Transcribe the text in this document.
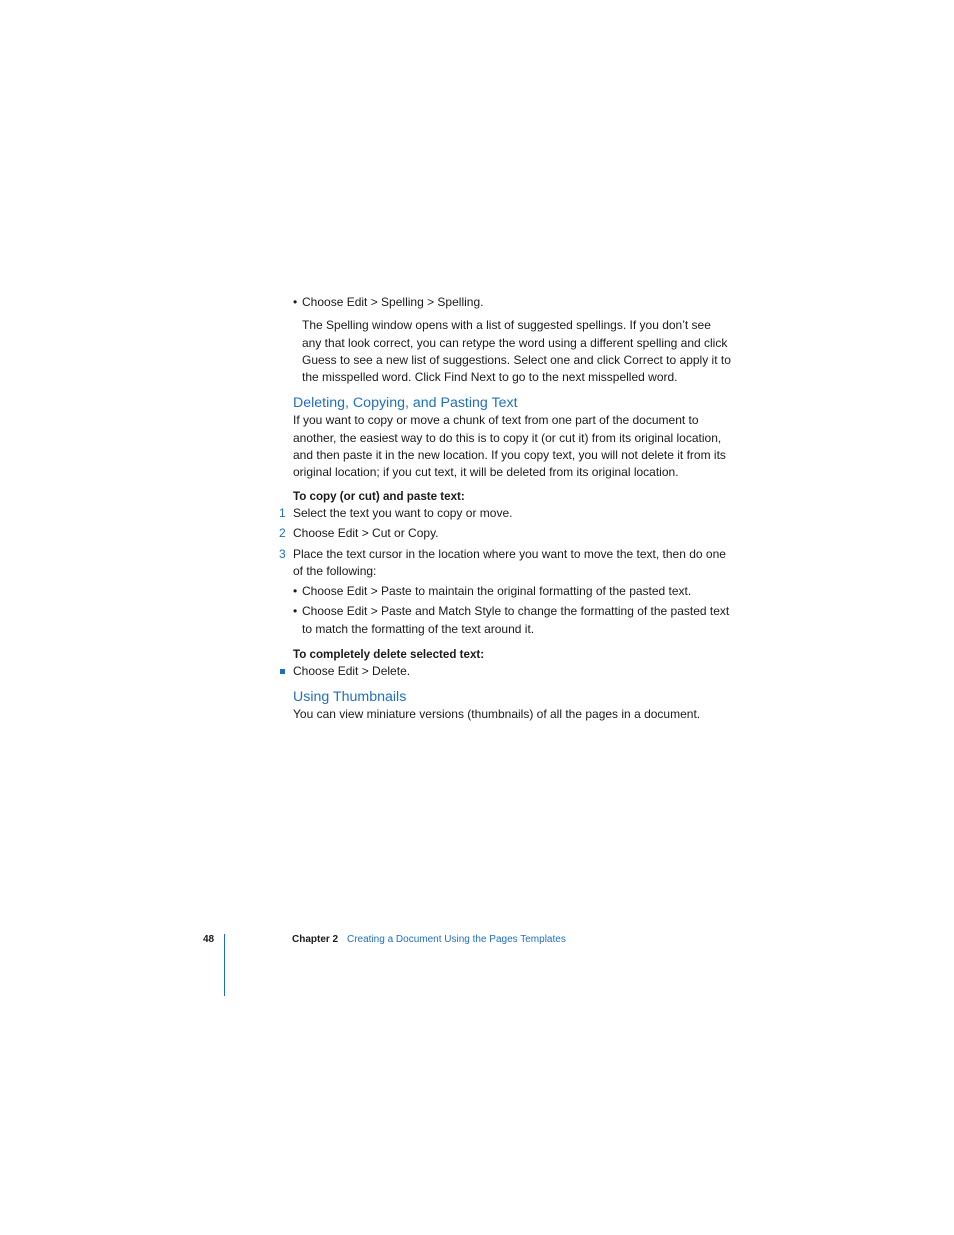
• Choose Edit > Spelling > Spelling.

The Spelling window opens with a list of suggested spellings. If you don’t see any that look correct, you can retype the word using a different spelling and click Guess to see a new list of suggestions. Select one and click Correct to apply it to the misspelled word. Click Find Next to go to the next misspelled word.

Deleting, Copying, and Pasting Text

If you want to copy or move a chunk of text from one part of the document to another, the easiest way to do this is to copy it (or cut it) from its original location, and then paste it in the new location. If you copy text, you will not delete it from its original location; if you cut text, it will be deleted from its original location.

To copy (or cut) and paste text:

1 Select the text you want to copy or move.
2 Choose Edit > Cut or Copy.
3 Place the text cursor in the location where you want to move the text, then do one of the following:
• Choose Edit > Paste to maintain the original formatting of the pasted text.
• Choose Edit > Paste and Match Style to change the formatting of the pasted text to match the formatting of the text around it.

To completely delete selected text:

Choose Edit > Delete.
Using Thumbnails

You can view miniature versions (thumbnails) of all the pages in a document.

48	Chapter 2 Creating a Document Using the Pages Templates
